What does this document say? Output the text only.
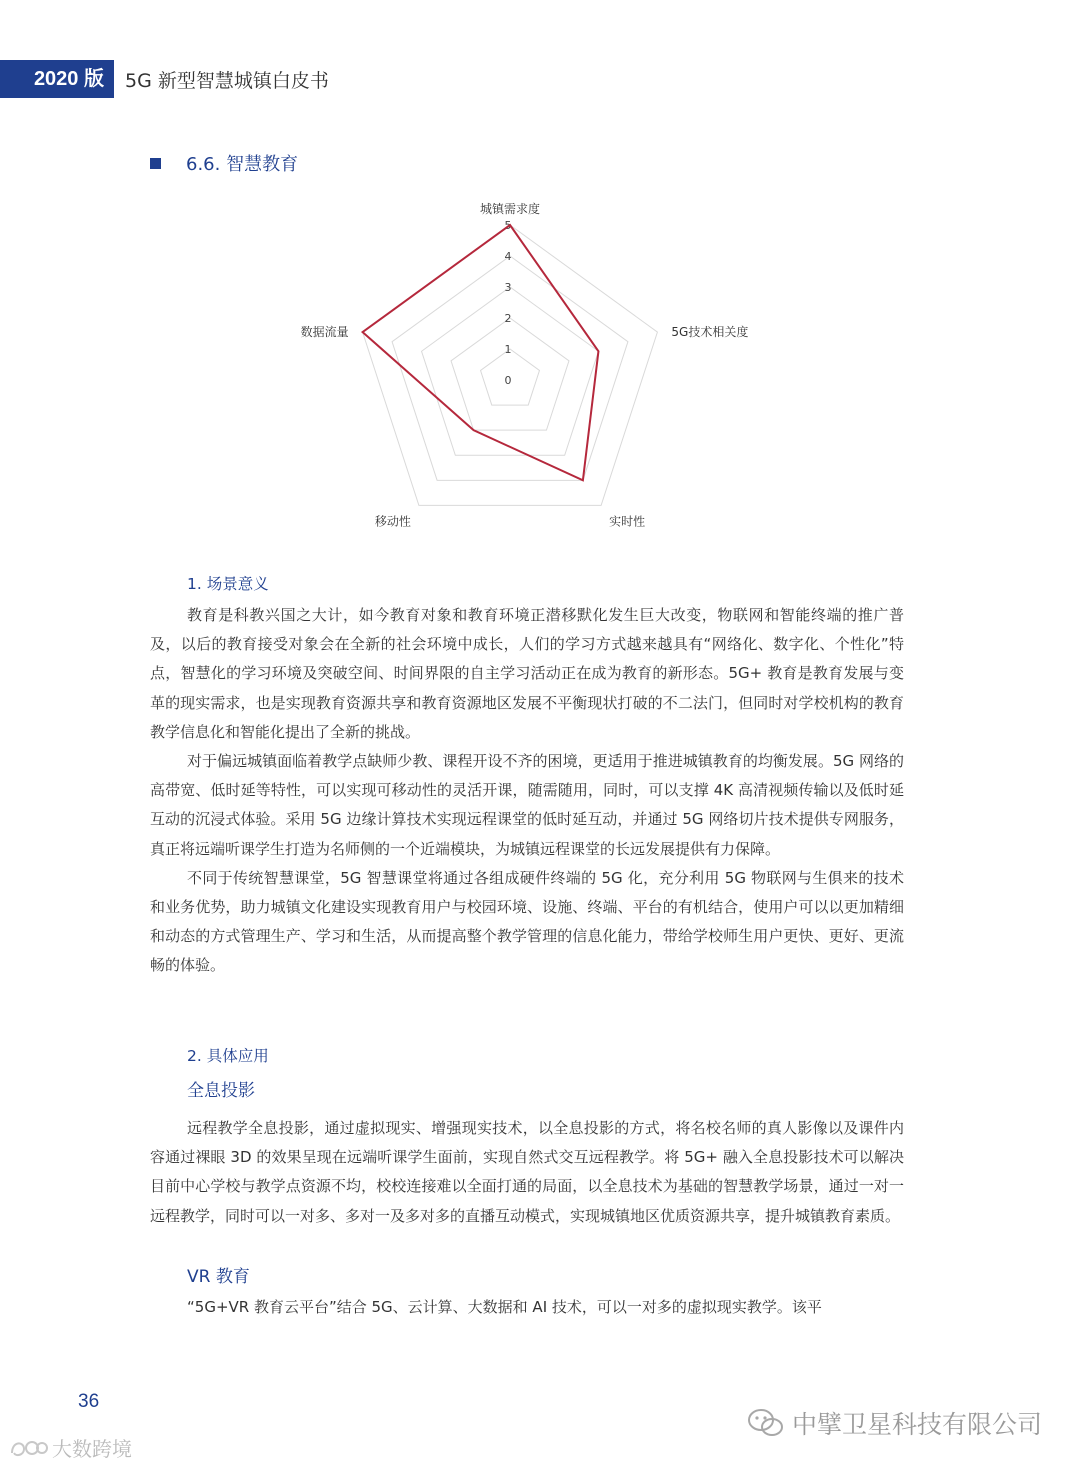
2020 版	5G 新型智慧城镇白皮书
6.6. 智慧教育
0
1
2
3
4
5
城镇需求度
5G技术相关度
实时性
移动性
数据流量
1. 场景意义

教育是科教兴国之大计，如今教育对象和教育环境正潜移默化发生巨大改变，物联网和智能终端的推广普及，以后的教育接受对象会在全新的社会环境中成长，人们的学习方式越来越具有“网络化、数字化、个性化”特点，智慧化的学习环境及突破空间、时间界限的自主学习活动正在成为教育的新形态。5G+ 教育是教育发展与变革的现实需求，也是实现教育资源共享和教育资源地区发展不平衡现状打破的不二法门，但同时对学校机构的教育教学信息化和智能化提出了全新的挑战。

对于偏远城镇面临着教学点缺师少教、课程开设不齐的困境，更适用于推进城镇教育的均衡发展。5G 网络的高带宽、低时延等特性，可以实现可移动性的灵活开课，随需随用，同时，可以支撑 4K 高清视频传输以及低时延互动的沉浸式体验。采用 5G 边缘计算技术实现远程课堂的低时延互动，并通过 5G 网络切片技术提供专网服务，真正将远端听课学生打造为名师侧的一个近端模块，为城镇远程课堂的长远发展提供有力保障。

不同于传统智慧课堂，5G 智慧课堂将通过各组成硬件终端的 5G 化，充分利用 5G 物联网与生俱来的技术和业务优势，助力城镇文化建设实现教育用户与校园环境、设施、终端、平台的有机结合，使用户可以以更加精细和动态的方式管理生产、学习和生活，从而提高整个教学管理的信息化能力，带给学校师生用户更快、更好、更流畅的体验。

2. 具体应用
全息投影

远程教学全息投影，通过虚拟现实、增强现实技术，以全息投影的方式，将名校名师的真人影像以及课件内容通过裸眼 3D 的效果呈现在远端听课学生面前，实现自然式交互远程教学。将 5G+ 融入全息投影技术可以解决目前中心学校与教学点资源不均，校校连接难以全面打通的局面，以全息技术为基础的智慧教学场景，通过一对一远程教学，同时可以一对多、多对一及多对多的直播互动模式，实现城镇地区优质资源共享，提升城镇教育素质。

VR 教育

“5G+VR 教育云平台”结合 5G、云计算、大数据和 AI 技术，可以一对多的虚拟现实教学。该平

36
中擘卫星科技有限公司
大数跨境
